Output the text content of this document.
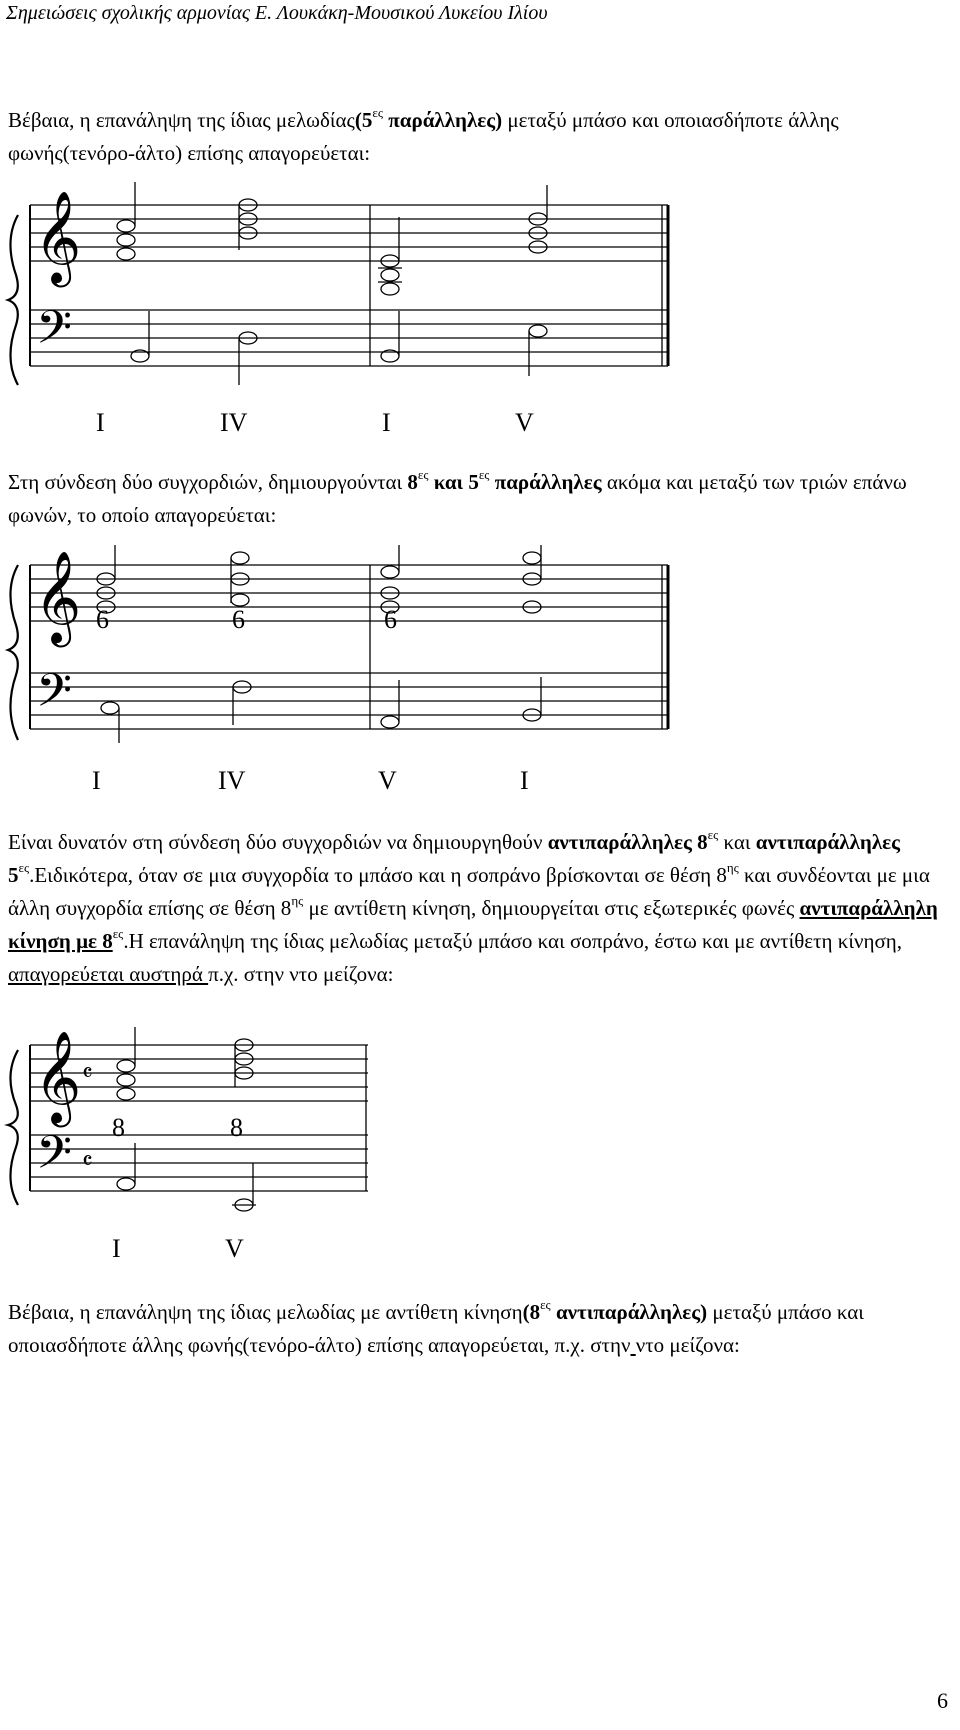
Σημειώσεις σχολικής αρμονίας Ε. Λουκάκη-Μουσικού Λυκείου Ιλίου
Βέβαια, η επανάληψη της ίδιας $\mu\varepsilon\lambda\omega\delta ί\alpha\varsigma(5^{\varepsilon\varsigma}$ παράλληλες) μεταξύ μπάσο και οποιασδήποτε άλλης φωνής(τενόρο-άλτο) επίσης απαγορεύεται:
𝄞
𝄢
I	IV	I	V
Στη σύνδεση δύο συγχορδιών, δημιουργούνται $8^{\varepsilon\varsigma}$ και $5^{\varepsilon\varsigma}$ παράλληλες ακόμα και μεταξύ των τριών επάνω φωνών, το οποίο απαγορεύεται:
𝄞
𝄢
6	6	6
I	IV	V	I
Είναι δυνατόν στη σύνδεση δύο συγχορδιών να δημιουργηθούν αντιπαράλληλες $8^{\varepsilon\varsigma}$ και αντιπαράλληλες $5^{\varepsilon\varsigma}.E\iota\delta\iota\kappa ό\tau\varepsilon\rho\alpha$, όταν σε μια συγχορδία το μπάσο και η σοπράνο βρίσκονται σε θέση $8^{\eta\varsigma}$ και συνδέονται με μια άλλη συγχορδία επίσης σε θέση $8^{\eta\varsigma}$ με αντίθετη κίνηση, δημιουργείται στις εξωτερικές φωνές αντιπαράλληλη κίνηση με $8^{\varepsilon\varsigma}.H$ επανάληψη της ίδιας μελωδίας μεταξύ μπάσο και σοπράνο, έστω και με αντίθετη κίνηση, απαγορεύεται αυστηρά π.χ. στην ντο μείζονα:
𝄞
𝄢
𝄴
𝄴
8	8
I	V
Βέβαια, η επανάληψη της ίδιας μελωδίας με αντίθετη $\kappa ί\nu\eta\sigma\eta(8^{\varepsilon\varsigma}$ αντιπαράλληλες) μεταξύ μπάσο και οποιασδήποτε άλλης φωνής(τενόρο-άλτο) επίσης απαγορεύεται, π.χ. στην ντο μείζονα:
6
